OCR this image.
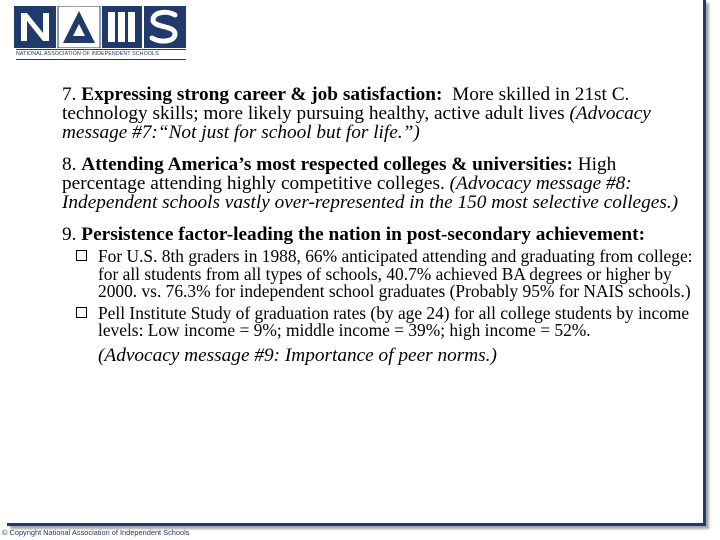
NATIONAL ASSOCIATION OF INDEPENDENT SCHOOLS

7. Expressing strong career & job satisfaction: More skilled in 21st C. technology skills; more likely pursuing healthy, active adult lives (Advocacy message #7:“Not just for school but for life.”)

8. Attending America’s most respected colleges & universities: High percentage attending highly competitive colleges. (Advocacy message #8: Independent schools vastly over-represented in the 150 most selective colleges.)

9. Persistence factor-leading the nation in post-secondary achievement:

For U.S. 8th graders in 1988, 66% anticipated attending and graduating from college: for all students from all types of schools, 40.7% achieved BA degrees or higher by 2000. vs. 76.3% for independent school graduates (Probably 95% for NAIS schools.)
Pell Institute Study of graduation rates (by age 24) for all college students by income levels: Low income = 9%; middle income = 39%; high income = 52%.

(Advocacy message #9: Importance of peer norms.)

© Copyright National Association of Independent Schools
